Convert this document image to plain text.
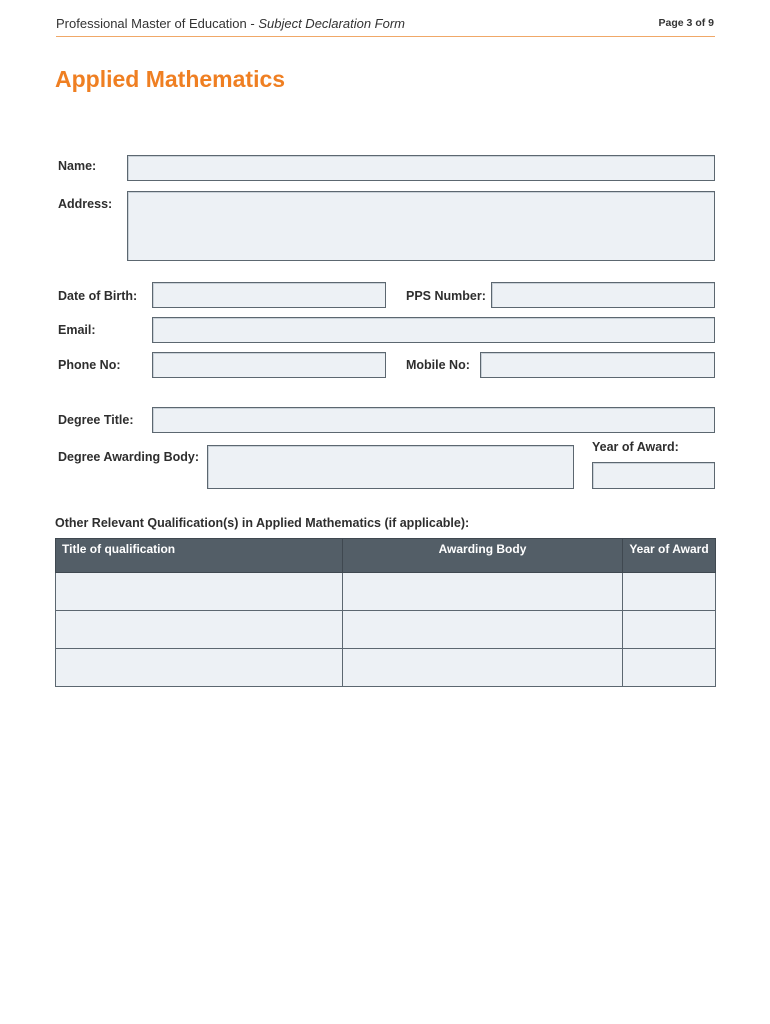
Professional Master of Education - Subject Declaration Form	Page 3 of 9
Applied Mathematics
Name:
Address:
Date of Birth:	PPS Number:
Email:
Phone No:	Mobile No:
Degree Title:
Degree Awarding Body:
Year of Award:
Other Relevant Qualification(s) in Applied Mathematics (if applicable):
Title of qualification	Awarding Body	Year of Award
